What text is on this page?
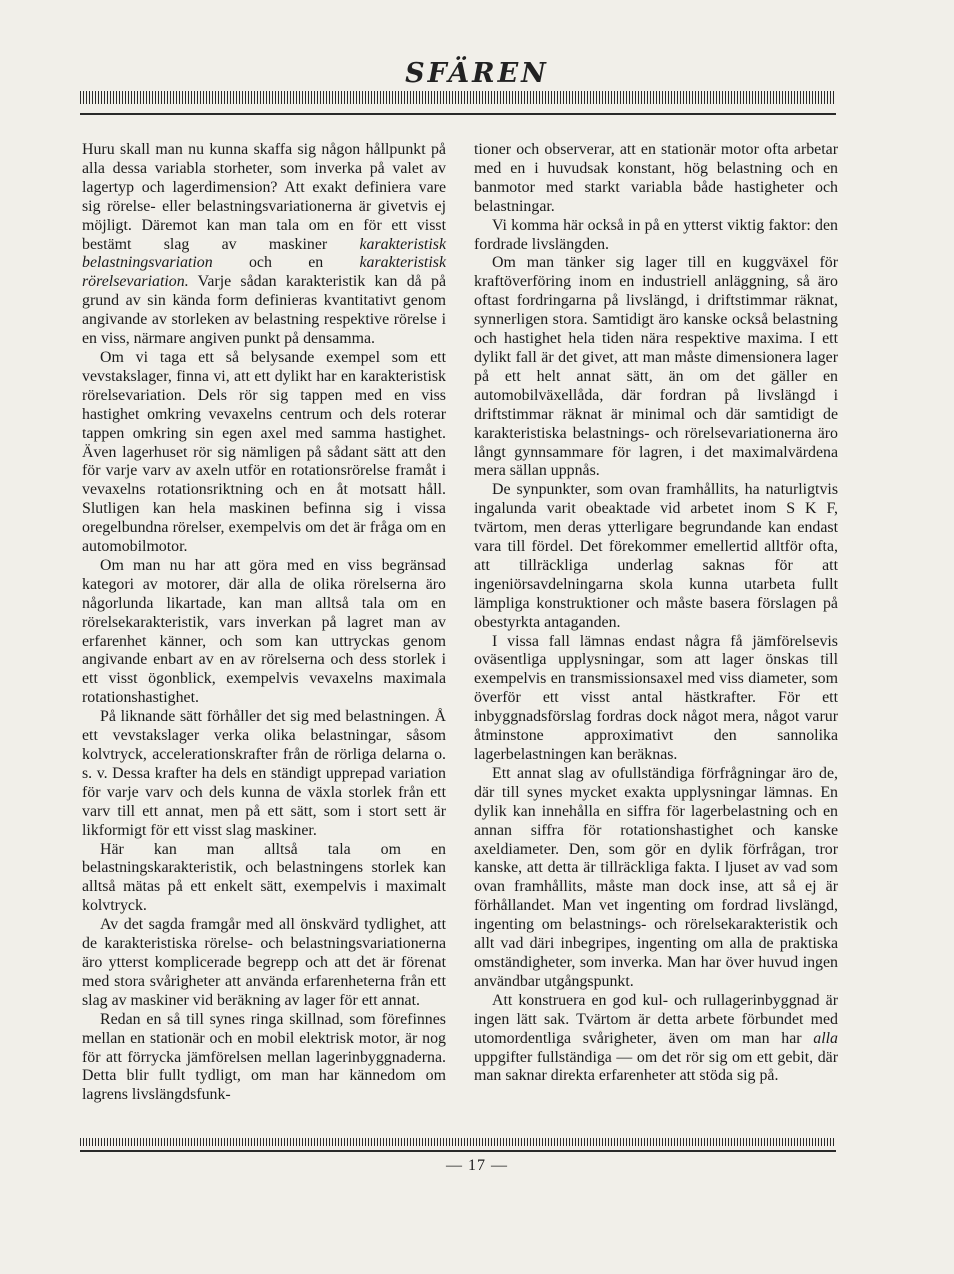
SFÄREN

Huru skall man nu kunna skaffa sig någon hållpunkt på alla dessa variabla storheter, som inverka på valet av lagertyp och lagerdimension? Att exakt definiera vare sig rörelse- eller belastningsvariationerna är givetvis ej möjligt. Däremot kan man tala om en för ett visst bestämt slag av maskiner karakteristisk belastningsvariation och en karakteristisk rörelsevariation. Varje sådan karakteristik kan då på grund av sin kända form definieras kvantitativt genom angivande av storleken av belastning respektive rörelse i en viss, närmare angiven punkt på densamma.

Om vi taga ett så belysande exempel som ett vevstakslager, finna vi, att ett dylikt har en karakteristisk rörelsevariation. Dels rör sig tappen med en viss hastighet omkring vevaxelns centrum och dels roterar tappen omkring sin egen axel med samma hastighet. Även lagerhuset rör sig nämligen på sådant sätt att den för varje varv av axeln utför en rotationsrörelse framåt i vevaxelns rotationsriktning och en åt motsatt håll. Slutligen kan hela maskinen befinna sig i vissa oregelbundna rörelser, exempelvis om det är fråga om en automobilmotor.

Om man nu har att göra med en viss begränsad kategori av motorer, där alla de olika rörelserna äro någorlunda likartade, kan man alltså tala om en rörelsekarakteristik, vars inverkan på lagret man av erfarenhet känner, och som kan uttryckas genom angivande enbart av en av rörelserna och dess storlek i ett visst ögonblick, exempelvis vevaxelns maximala rotationshastighet.

På liknande sätt förhåller det sig med belastningen. Å ett vevstakslager verka olika belastningar, såsom kolvtryck, accelerationskrafter från de rörliga delarna o. s. v. Dessa krafter ha dels en ständigt upprepad variation för varje varv och dels kunna de växla storlek från ett varv till ett annat, men på ett sätt, som i stort sett är likformigt för ett visst slag maskiner.

Här kan man alltså tala om en belastningskarakteristik, och belastningens storlek kan alltså mätas på ett enkelt sätt, exempelvis i maximalt kolvtryck.

Av det sagda framgår med all önskvärd tydlighet, att de karakteristiska rörelse- och belastningsvariationerna äro ytterst komplicerade begrepp och att det är förenat med stora svårigheter att använda erfarenheterna från ett slag av maskiner vid beräkning av lager för ett annat.

Redan en så till synes ringa skillnad, som förefinnes mellan en stationär och en mobil elektrisk motor, är nog för att förrycka jämförelsen mellan lagerinbyggnaderna. Detta blir fullt tydligt, om man har kännedom om lagrens livslängdsfunk-

tioner och observerar, att en stationär motor ofta arbetar med en i huvudsak konstant, hög belastning och en banmotor med starkt variabla både hastigheter och belastningar.

Vi komma här också in på en ytterst viktig faktor: den fordrade livslängden.

Om man tänker sig lager till en kuggväxel för kraftöverföring inom en industriell anläggning, så äro oftast fordringarna på livslängd, i driftstimmar räknat, synnerligen stora. Samtidigt äro kanske också belastning och hastighet hela tiden nära respektive maxima. I ett dylikt fall är det givet, att man måste dimensionera lager på ett helt annat sätt, än om det gäller en automobilväxellåda, där fordran på livslängd i driftstimmar räknat är minimal och där samtidigt de karakteristiska belastnings- och rörelsevariationerna äro långt gynnsammare för lagren, i det maximalvärdena mera sällan uppnås.

De synpunkter, som ovan framhållits, ha naturligtvis ingalunda varit obeaktade vid arbetet inom S K F, tvärtom, men deras ytterligare begrundande kan endast vara till fördel. Det förekommer emellertid alltför ofta, att tillräckliga underlag saknas för att ingeniörsavdelningarna skola kunna utarbeta fullt lämpliga konstruktioner och måste basera förslagen på obestyrkta antaganden.

I vissa fall lämnas endast några få jämförelsevis oväsentliga upplysningar, som att lager önskas till exempelvis en transmissionsaxel med viss diameter, som överför ett visst antal hästkrafter. För ett inbyggnadsförslag fordras dock något mera, något varur åtminstone approximativt den sannolika lagerbelastningen kan beräknas.

Ett annat slag av ofullständiga förfrågningar äro de, där till synes mycket exakta upplysningar lämnas. En dylik kan innehålla en siffra för lagerbelastning och en annan siffra för rotationshastighet och kanske axeldiameter. Den, som gör en dylik förfrågan, tror kanske, att detta är tillräckliga fakta. I ljuset av vad som ovan framhållits, måste man dock inse, att så ej är förhållandet. Man vet ingenting om fordrad livslängd, ingenting om belastnings- och rörelsekarakteristik och allt vad däri inbegripes, ingenting om alla de praktiska omständigheter, som inverka. Man har över huvud ingen användbar utgångspunkt.

Att konstruera en god kul- och rullagerinbyggnad är ingen lätt sak. Tvärtom är detta arbete förbundet med utomordentliga svårigheter, även om man har alla uppgifter fullständiga — om det rör sig om ett gebit, där man saknar direkta erfarenheter att stöda sig på.

— 17 —
